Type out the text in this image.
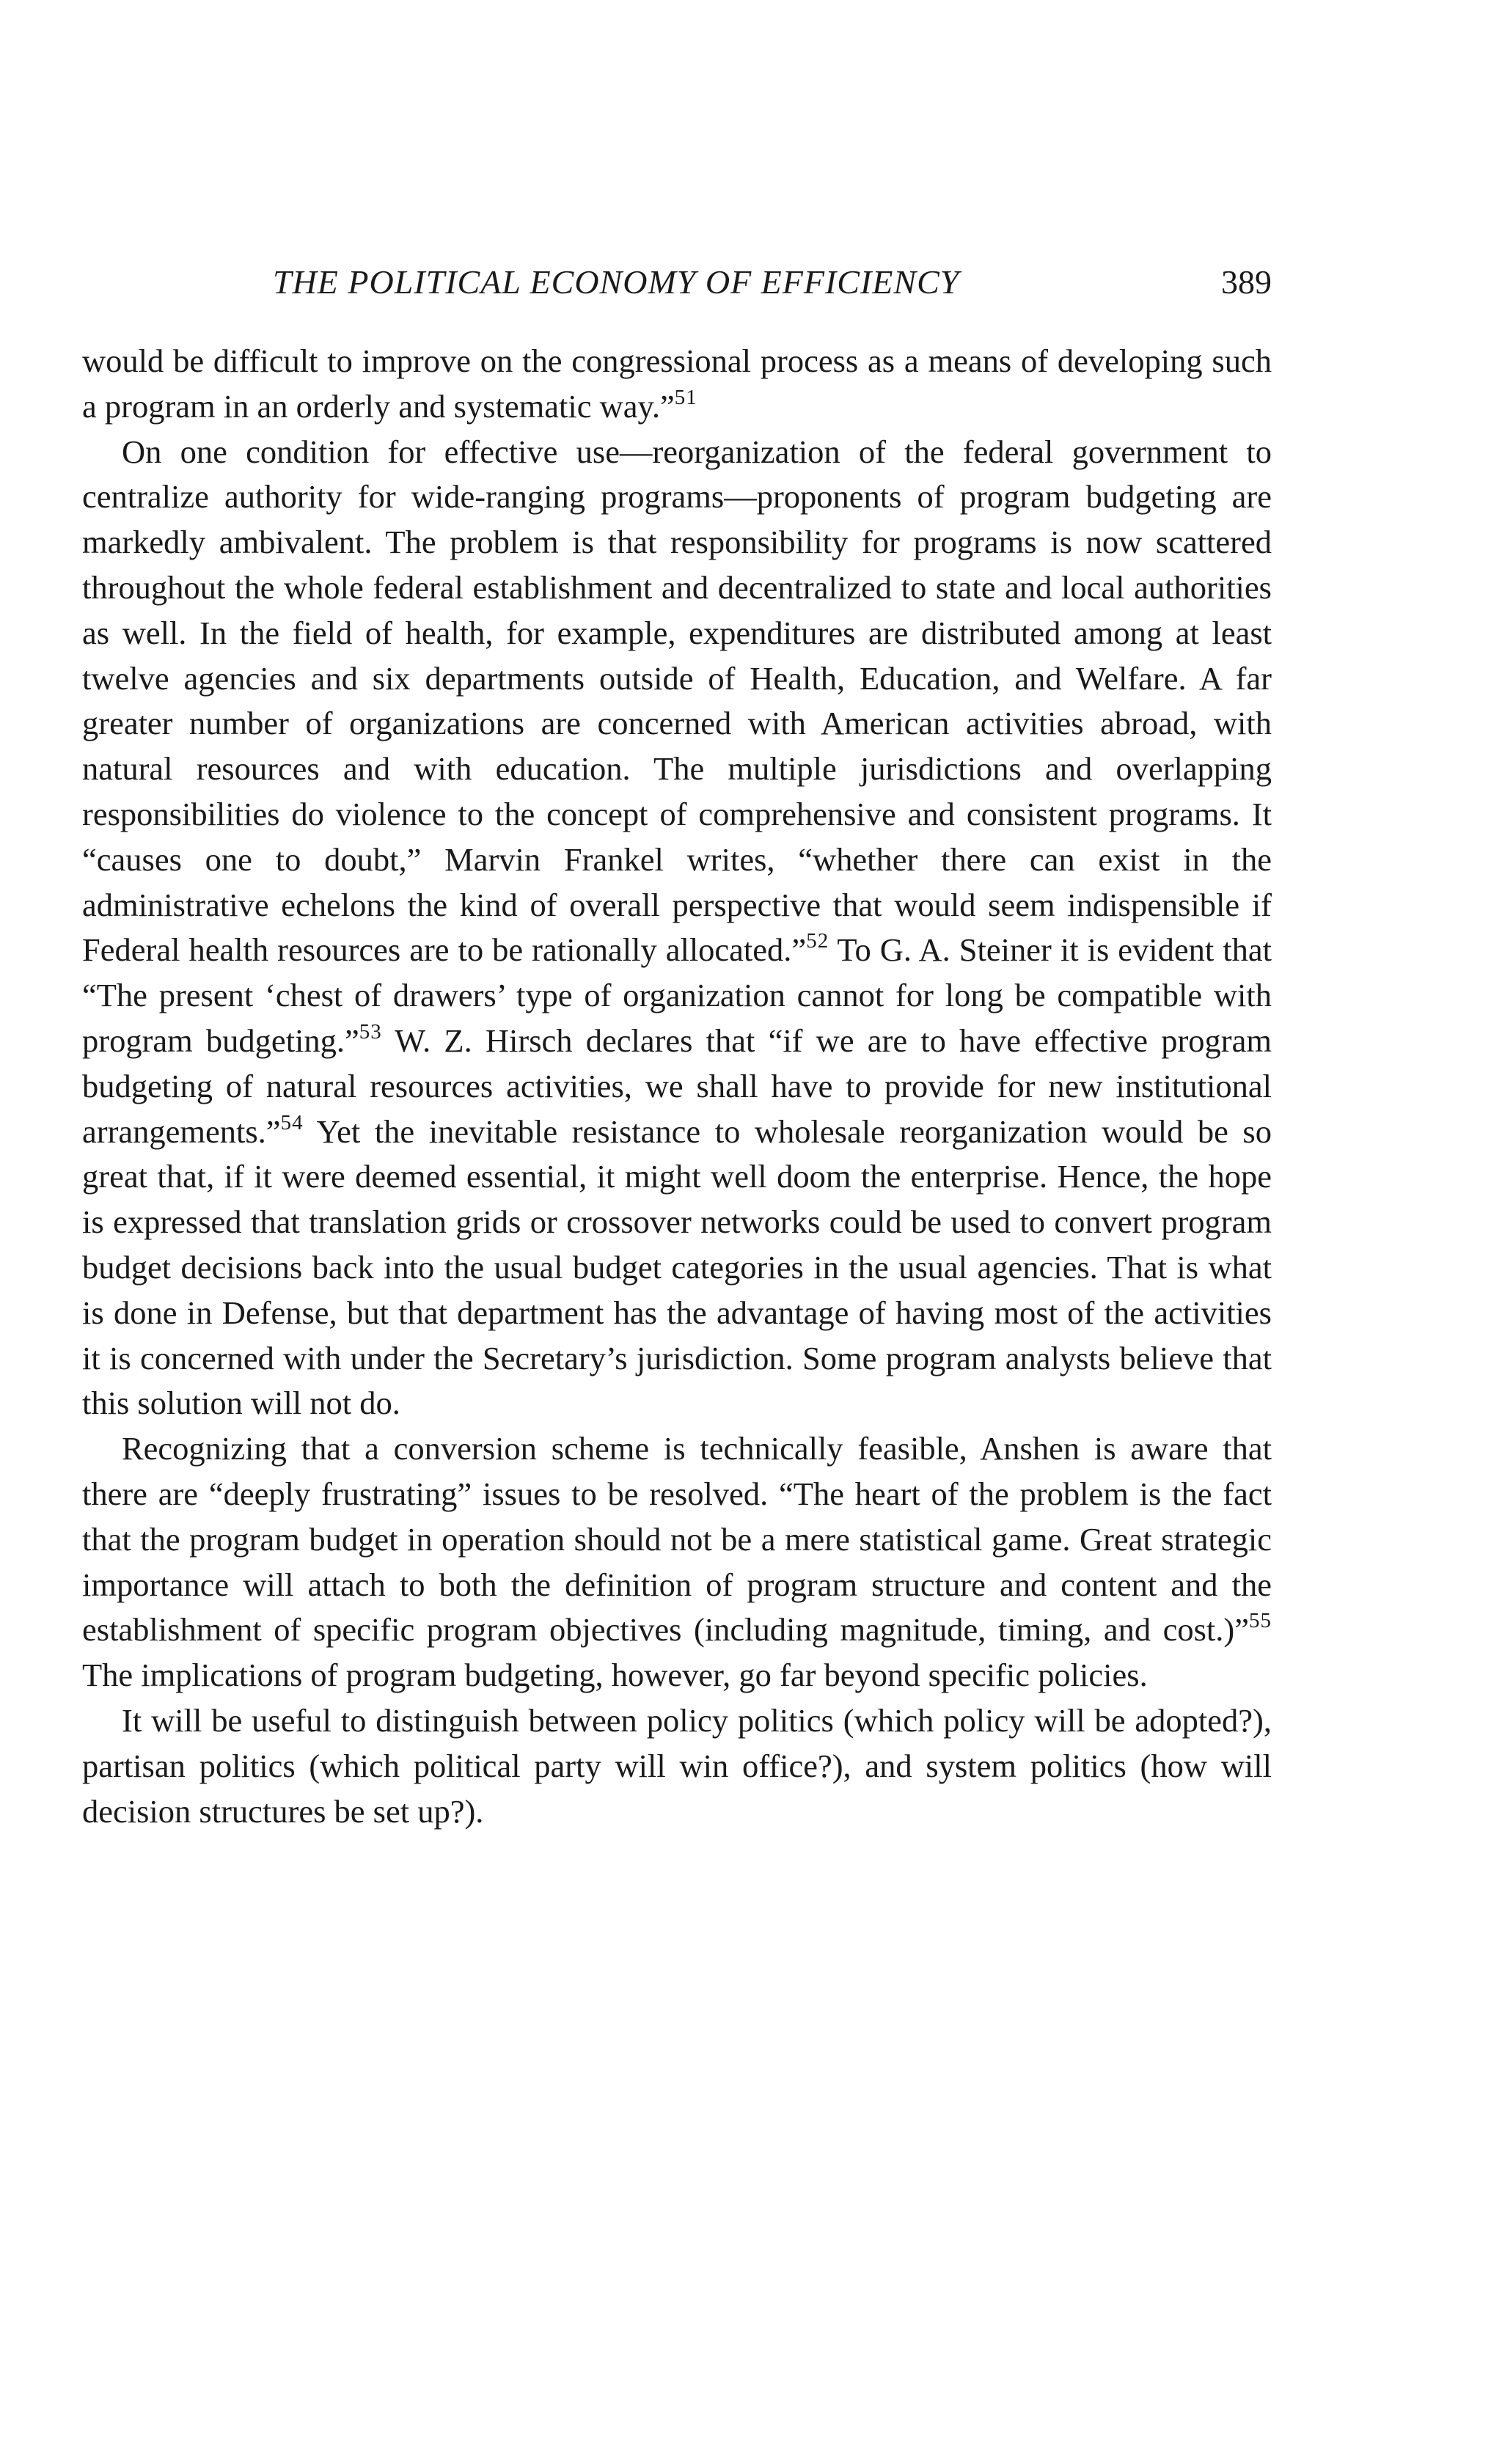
THE POLITICAL ECONOMY OF EFFICIENCY	389

would be difficult to improve on the congressional process as a means of developing such a program in an orderly and systematic way.”$^{51}$

On one condition for effective use—reorganization of the federal government to centralize authority for wide-ranging programs—proponents of program budgeting are markedly ambivalent. The problem is that responsibility for programs is now scattered throughout the whole federal establishment and decentralized to state and local authorities as well. In the field of health, for example, expenditures are distributed among at least twelve agencies and six departments outside of Health, Education, and Welfare. A far greater number of organizations are concerned with American activities abroad, with natural resources and with education. The multiple jurisdictions and overlapping responsibilities do violence to the concept of comprehensive and consistent programs. It “causes one to doubt,” Marvin Frankel writes, “whether there can exist in the administrative echelons the kind of overall perspective that would seem indispensible if Federal health resources are to be rationally allocated.”$^{52}$ To G. A. Steiner it is evident that “The present ‘chest of drawers’ type of organization cannot for long be compatible with program budgeting.”$^{53}$ W. Z. Hirsch declares that “if we are to have effective program budgeting of natural resources activities, we shall have to provide for new institutional arrangements.”$^{54}$ Yet the inevitable resistance to wholesale reorganization would be so great that, if it were deemed essential, it might well doom the enterprise. Hence, the hope is expressed that translation grids or crossover networks could be used to convert program budget decisions back into the usual budget categories in the usual agencies. That is what is done in Defense, but that department has the advantage of having most of the activities it is concerned with under the Secretary’s jurisdiction. Some program analysts believe that this solution will not do.

Recognizing that a conversion scheme is technically feasible, Anshen is aware that there are “deeply frustrating” issues to be resolved. “The heart of the problem is the fact that the program budget in operation should not be a mere statistical game. Great strategic importance will attach to both the definition of program structure and content and the establishment of specific program objectives (including magnitude, timing, and cost.)”$^{55}$ The implications of program budgeting, however, go far beyond specific policies.

It will be useful to distinguish between policy politics (which policy will be adopted?), partisan politics (which political party will win office?), and system politics (how will decision structures be set up?).
